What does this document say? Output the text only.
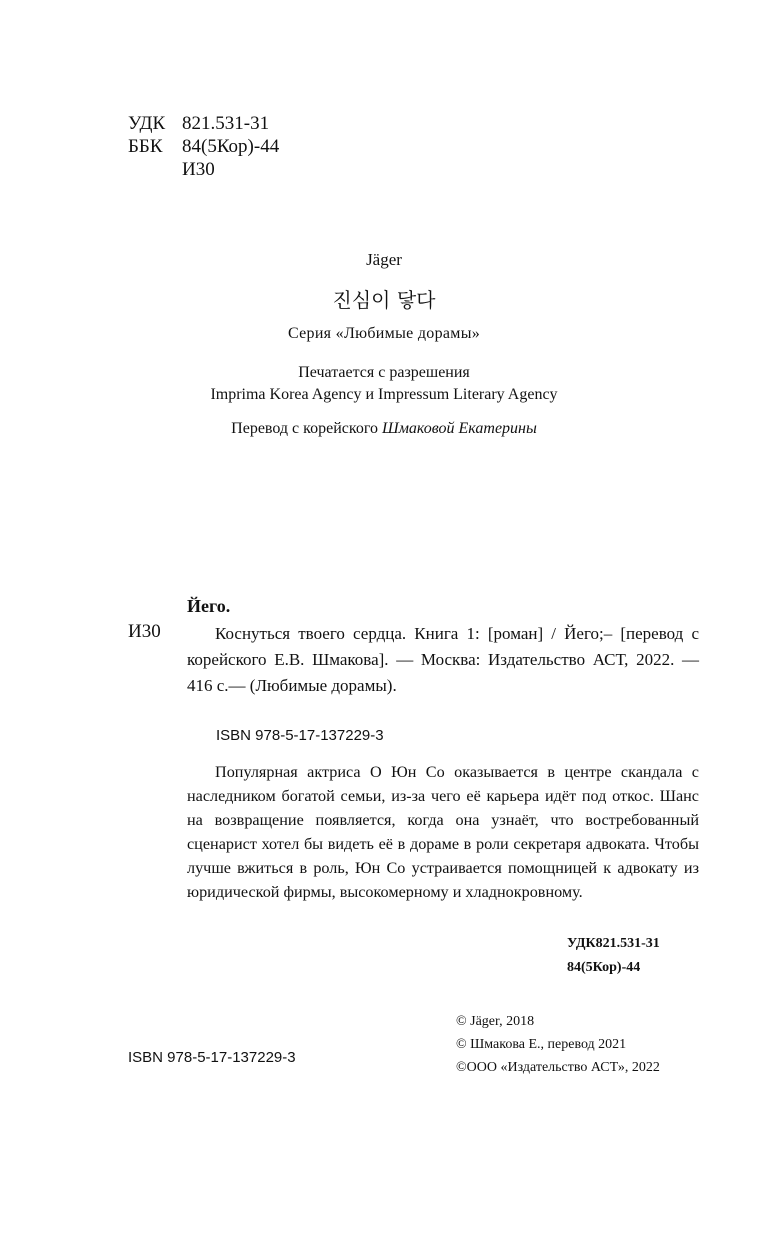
УДК 821.531-31
ББК	84(5Кор)-44
И30
Jäger
진심이 닿다
Серия «Любимые дорамы»
Печатается с разрешения
Imprima Korea Agency и Impressum Literary Agency
Перевод с корейского Шмаковой Екатерины
Йего.
И30	Коснуться твоего сердца. Книга 1: [роман] / Йего;– [перевод с корейского Е.В. Шмакова]. — Москва: Издательство АСТ, 2022. — 416 с.— (Любимые дорамы).
ISBN 978-5-17-137229-3
Популярная актриса О Юн Со оказывается в центре скандала с наследником богатой семьи, из-за чего её карьера идёт под откос. Шанс на возвращение появляется, когда она узнаёт, что востребованный сценарист хотел бы видеть её в дораме в роли секретаря адвоката. Чтобы лучше вжиться в роль, Юн Со устраивается помощницей к адвокату из юридической фирмы, высокомерному и хладнокровному.
УДК821.531-31
84(5Кор)-44
© Jäger, 2018
© Шмакова Е., перевод 2021
©ООО «Издательство АСТ», 2022
ISBN 978-5-17-137229-3
